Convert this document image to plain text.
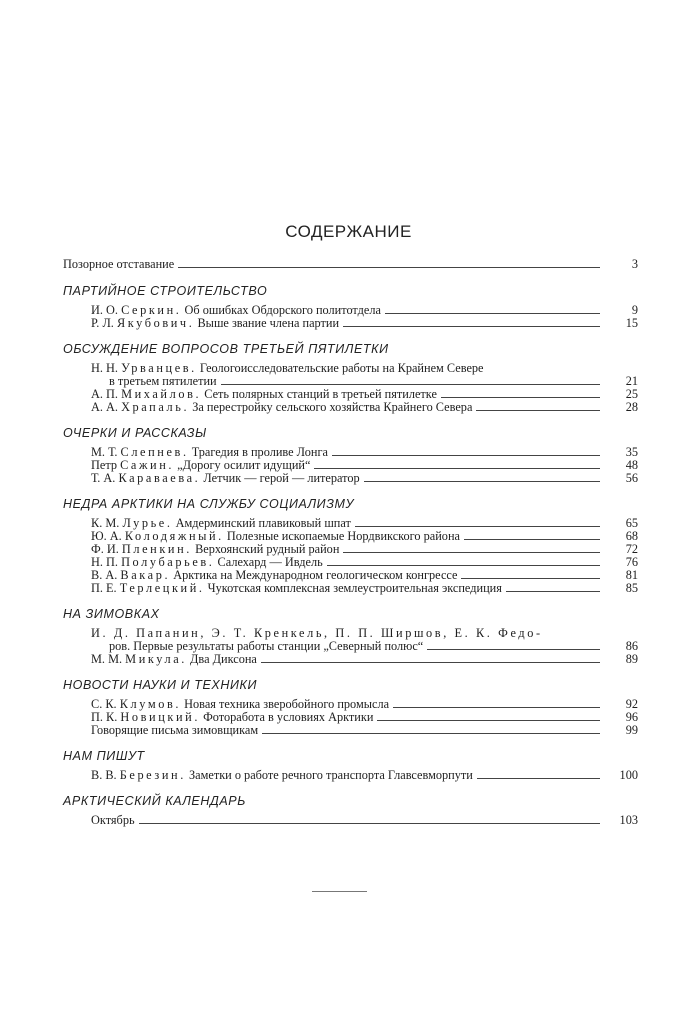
СОДЕРЖАНИЕ
Позорное отставание	3
ПАРТИЙНОЕ СТРОИТЕЛЬСТВО
И. О. Серкин. Об ошибках Обдорского политотдела	9
Р. Л. Якубович. Выше звание члена партии	15
ОБСУЖДЕНИЕ ВОПРОСОВ ТРЕТЬЕЙ ПЯТИЛЕТКИ
Н. Н. Урванцев. Геологоисследовательские работы на Крайнем Севере
в третьем пятилетии	21
А. П. Михайлов. Сеть полярных станций в третьей пятилетке	25
А. А. Храпаль. За перестройку сельского хозяйства Крайнего Севера	28
ОЧЕРКИ И РАССКАЗЫ
М. Т. Слепнев. Трагедия в проливе Лонга	35
Петр Сажин. „Дорогу осилит идущий“	48
Т. А. Караваева. Летчик — герой — литератор	56
НЕДРА АРКТИКИ НА СЛУЖБУ СОЦИАЛИЗМУ
К. М. Лурье. Амдерминский плавиковый шпат	65
Ю. А. Колодяжный. Полезные ископаемые Нордвикского района	68
Ф. И. Пленкин. Верхоянский рудный район	72
Н. П. Полубарьев. Салехард — Ивдель	76
В. А. Вакар. Арктика на Международном геологическом конгрессе	81
П. Е. Терлецкий. Чукотская комплексная землеустроительная экспедиция	85
НА ЗИМОВКАХ
И. Д. Папанин, Э. Т. Кренкель, П. П. Ширшов, Е. К. Федо-
ров. Первые результаты работы станции „Северный полюс“	86
М. М. Микула. Два Диксона	89
НОВОСТИ НАУКИ И ТЕХНИКИ
С. К. Клумов. Новая техника зверобойного промысла	92
П. К. Новицкий. Фоторабота в условиях Арктики	96
Говорящие письма зимовщикам	99
НАМ ПИШУТ
В. В. Березин. Заметки о работе речного транспорта Главсевморпути	100
АРКТИЧЕСКИЙ КАЛЕНДАРЬ
Октябрь	103
